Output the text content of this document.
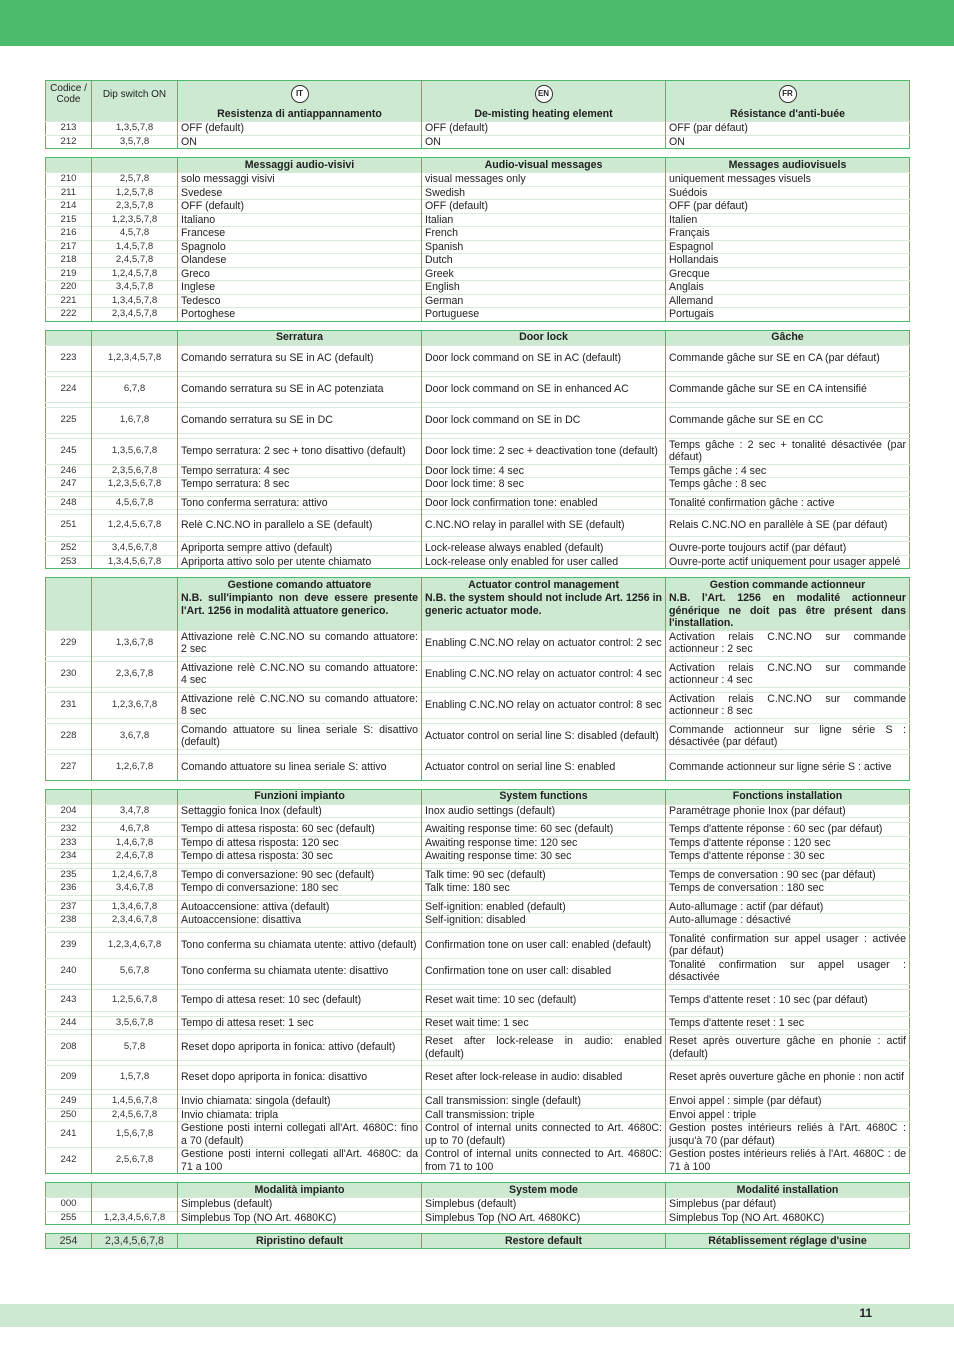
Codice / Code	Dip switch ON	IT	EN	FR
		Resistenza di antiappannamento	De-misting heating element	Résistance d'anti-buée
213	1,3,5,7,8	OFF (default)	OFF (default)	OFF (par défaut)
212	3,5,7,8	ON	ON	ON
		Messaggi audio-visivi	Audio-visual messages	Messages audiovisuels
210	2,5,7,8	solo messaggi visivi	visual messages only	uniquement messages visuels
211	1,2,5,7,8	Svedese	Swedish	Suédois
214	2,3,5,7,8	OFF (default)	OFF (default)	OFF (par défaut)
215	1,2,3,5,7,8	Italiano	Italian	Italien
216	4,5,7,8	Francese	French	Français
217	1,4,5,7,8	Spagnolo	Spanish	Espagnol
218	2,4,5,7,8	Olandese	Dutch	Hollandais
219	1,2,4,5,7,8	Greco	Greek	Grecque
220	3,4,5,7,8	Inglese	English	Anglais
221	1,3,4,5,7,8	Tedesco	German	Allemand
222	2,3,4,5,7,8	Portoghese	Portuguese	Portugais
		Serratura	Door lock	Gâche
223	1,2,3,4,5,7,8	Comando serratura su SE in AC (default)	Door lock command on SE in AC (default)	Commande gâche sur SE en CA (par défaut)

224	6,7,8	Comando serratura su SE in AC potenziata	Door lock command on SE in enhanced AC	Commande gâche sur SE en CA intensifié

225	1,6,7,8	Comando serratura su SE in DC	Door lock command on SE in DC	Commande gâche sur SE en CC

245	1,3,5,6,7,8	Tempo serratura: 2 sec + tono disattivo (default)	Door lock time: 2 sec + deactivation tone (default)	Temps gâche : 2 sec + tonalité désactivée (par défaut)
246	2,3,5,6,7,8	Tempo serratura: 4 sec	Door lock time: 4 sec	Temps gâche : 4 sec
247	1,2,3,5,6,7,8	Tempo serratura: 8 sec	Door lock time: 8 sec	Temps gâche : 8 sec

248	4,5,6,7,8	Tono conferma serratura: attivo	Door lock confirmation tone: enabled	Tonalité confirmation gâche : active

251	1,2,4,5,6,7,8	Relè C.NC.NO in parallelo a SE (default)	C.NC.NO relay in parallel with SE (default)	Relais C.NC.NO en parallèle à SE (par défaut)

252	3,4,5,6,7,8	Apriporta sempre attivo (default)	Lock-release always enabled (default)	Ouvre-porte toujours actif (par défaut)
253	1,3,4,5,6,7,8	Apriporta attivo solo per utente chiamato	Lock-release only enabled for user called	Ouvre-porte actif uniquement pour usager appelé
		Gestione comando attuatore	Actuator control management	Gestion commande actionneur
		N.B. sull'impianto non deve essere presente l'Art. 1256 in modalità attuatore generico.	N.B. the system should not include Art. 1256 in generic actuator mode.	N.B. l'Art. 1256 en modalité actionneur générique ne doit pas être présent dans l'installation.
229	1,3,6,7,8	Attivazione relè C.NC.NO su comando attuatore: 2 sec	Enabling C.NC.NO relay on actuator control: 2 sec	Activation relais C.NC.NO sur commande actionneur : 2 sec

230	2,3,6,7,8	Attivazione relè C.NC.NO su comando attuatore: 4 sec	Enabling C.NC.NO relay on actuator control: 4 sec	Activation relais C.NC.NO sur commande actionneur : 4 sec

231	1,2,3,6,7,8	Attivazione relè C.NC.NO su comando attuatore: 8 sec	Enabling C.NC.NO relay on actuator control: 8 sec	Activation relais C.NC.NO sur commande actionneur : 8 sec

228	3,6,7,8	Comando attuatore su linea seriale S: disattivo (default)	Actuator control on serial line S: disabled (default)	Commande actionneur sur ligne série S : désactivée (par défaut)

227	1,2,6,7,8	Comando attuatore su linea seriale S: attivo	Actuator control on serial line S: enabled	Commande actionneur sur ligne série S : active
		Funzioni impianto	System functions	Fonctions installation
204	3,4,7,8	Settaggio fonica Inox (default)	Inox audio settings (default)	Paramétrage phonie Inox (par défaut)

232	4,6,7,8	Tempo di attesa risposta: 60 sec (default)	Awaiting response time: 60 sec (default)	Temps d'attente réponse : 60 sec (par défaut)
233	1,4,6,7,8	Tempo di attesa risposta: 120 sec	Awaiting response time: 120 sec	Temps d'attente réponse : 120 sec
234	2,4,6,7,8	Tempo di attesa risposta: 30 sec	Awaiting response time: 30 sec	Temps d'attente réponse : 30 sec

235	1,2,4,6,7,8	Tempo di conversazione: 90 sec (default)	Talk time: 90 sec (default)	Temps de conversation : 90 sec (par défaut)
236	3,4,6,7,8	Tempo di conversazione: 180 sec	Talk time: 180 sec	Temps de conversation : 180 sec

237	1,3,4,6,7,8	Autoaccensione: attiva (default)	Self-ignition: enabled (default)	Auto-allumage : actif (par défaut)
238	2,3,4,6,7,8	Autoaccensione: disattiva	Self-ignition: disabled	Auto-allumage : désactivé

239	1,2,3,4,6,7,8	Tono conferma su chiamata utente: attivo (default)	Confirmation tone on user call: enabled (default)	Tonalité confirmation sur appel usager : activée (par défaut)
240	5,6,7,8	Tono conferma su chiamata utente: disattivo	Confirmation tone on user call: disabled	Tonalité confirmation sur appel usager : désactivée

243	1,2,5,6,7,8	Tempo di attesa reset: 10 sec (default)	Reset wait time: 10 sec (default)	Temps d'attente reset : 10 sec (par défaut)

244	3,5,6,7,8	Tempo di attesa reset: 1 sec	Reset wait time: 1 sec	Temps d'attente reset : 1 sec

208	5,7,8	Reset dopo apriporta in fonica: attivo (default)	Reset after lock-release in audio: enabled (default)	Reset après ouverture gâche en phonie : actif (default)

209	1,5,7,8	Reset dopo apriporta in fonica: disattivo	Reset after lock-release in audio: disabled	Reset après ouverture gâche en phonie : non actif

249	1,4,5,6,7,8	Invio chiamata: singola (default)	Call transmission: single (default)	Envoi appel : simple (par défaut)
250	2,4,5,6,7,8	Invio chiamata: tripla	Call transmission: triple	Envoi appel : triple
241	1,5,6,7,8	Gestione posti interni collegati all'Art. 4680C: fino a 70 (default)	Control of internal units connected to Art. 4680C: up to 70 (default)	Gestion postes intérieurs reliés à l'Art. 4680C : jusqu'à 70 (par défaut)
242	2,5,6,7,8	Gestione posti interni collegati all'Art. 4680C: da 71 a 100	Control of internal units connected to Art. 4680C: from 71 to 100	Gestion postes intérieurs reliés à l'Art. 4680C : de 71 à 100
		Modalità impianto	System mode	Modalité installation
000		Simplebus (default)	Simplebus (default)	Simplebus (par défaut)
255	1,2,3,4,5,6,7,8	Simplebus Top (NO Art. 4680KC)	Simplebus Top (NO Art. 4680KC)	Simplebus Top (NO Art. 4680KC)
254	2,3,4,5,6,7,8	Ripristino default	Restore default	Rétablissement réglage d'usine
11
